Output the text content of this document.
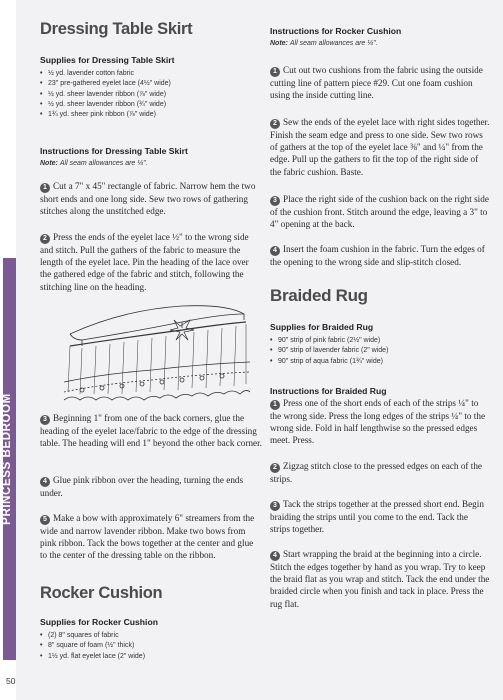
PRINCESS BEDROOM
50
Dressing Table Skirt
Supplies for Dressing Table Skirt
• ½ yd. lavender cotton fabric
• 23" pre-gathered eyelet lace (4½" wide)
• ½ yd. sheer lavender ribbon (⅞" wide)
• ½ yd. sheer lavender ribbon (¾" wide)
• 1¾ yd. sheer pink ribbon (⅞" wide)
Instructions for Dressing Table Skirt

Note: All seam allowances are ¼".

1 Cut a 7" x 45" rectangle of fabric. Narrow hem the two short ends and one long side. Sew two rows of gathering stitches along the unstitched edge.

2 Press the ends of the eyelet lace ½" to the wrong side and stitch. Pull the gathers of the fabric to measure the length of the eyelet lace. Pin the heading of the lace over the gathered edge of the fabric and stitch, following the stitching line on the heading.

3 Beginning 1" from one of the back corners, glue the heading of the eyelet lace/fabric to the edge of the dressing table. The heading will end 1" beyond the other back corner.

4 Glue pink ribbon over the heading, turning the ends under.

5 Make a bow with approximately 6" streamers from the wide and narrow lavender ribbon. Make two bows from pink ribbon. Tack the bows together at the center and glue to the center of the dressing table on the ribbon.

Rocker Cushion
Supplies for Rocker Cushion
• (2) 8" squares of fabric
• 8" square of foam (½" thick)
• 1½ yd. flat eyelet lace (2" wide)
Instructions for Rocker Cushion

Note: All seam allowances are ¼".

1 Cut out two cushions from the fabric using the outside cutting line of pattern piece #29. Cut one foam cushion using the inside cutting line.

2 Sew the ends of the eyelet lace with right sides together. Finish the seam edge and press to one side. Sew two rows of gathers at the top of the eyelet lace ⅜" and ¼" from the edge. Pull up the gathers to fit the top of the right side of the fabric cushion. Baste.

3 Place the right side of the cushion back on the right side of the cushion front. Stitch around the edge, leaving a 3" to 4" opening at the back.

4 Insert the foam cushion in the fabric. Turn the edges of the opening to the wrong side and slip-stitch closed.

Braided Rug
Supplies for Braided Rug
• 90" strip of pink fabric (2½" wide)
• 90" strip of lavender fabric (2" wide)
• 90" strip of aqua fabric (1¾" wide)
Instructions for Braided Rug

1 Press one of the short ends of each of the strips ¼" to the wrong side. Press the long edges of the strips ¼" to the wrong side. Fold in half lengthwise so the pressed edges meet. Press.

2 Zigzag stitch close to the pressed edges on each of the strips.

3 Tack the strips together at the pressed short end. Begin braiding the strips until you come to the end. Tack the strips together.

4 Start wrapping the braid at the beginning into a circle. Stitch the edges together by hand as you wrap. Try to keep the braid flat as you wrap and stitch. Tack the end under the braided circle when you finish and tack in place. Press the rug flat.
